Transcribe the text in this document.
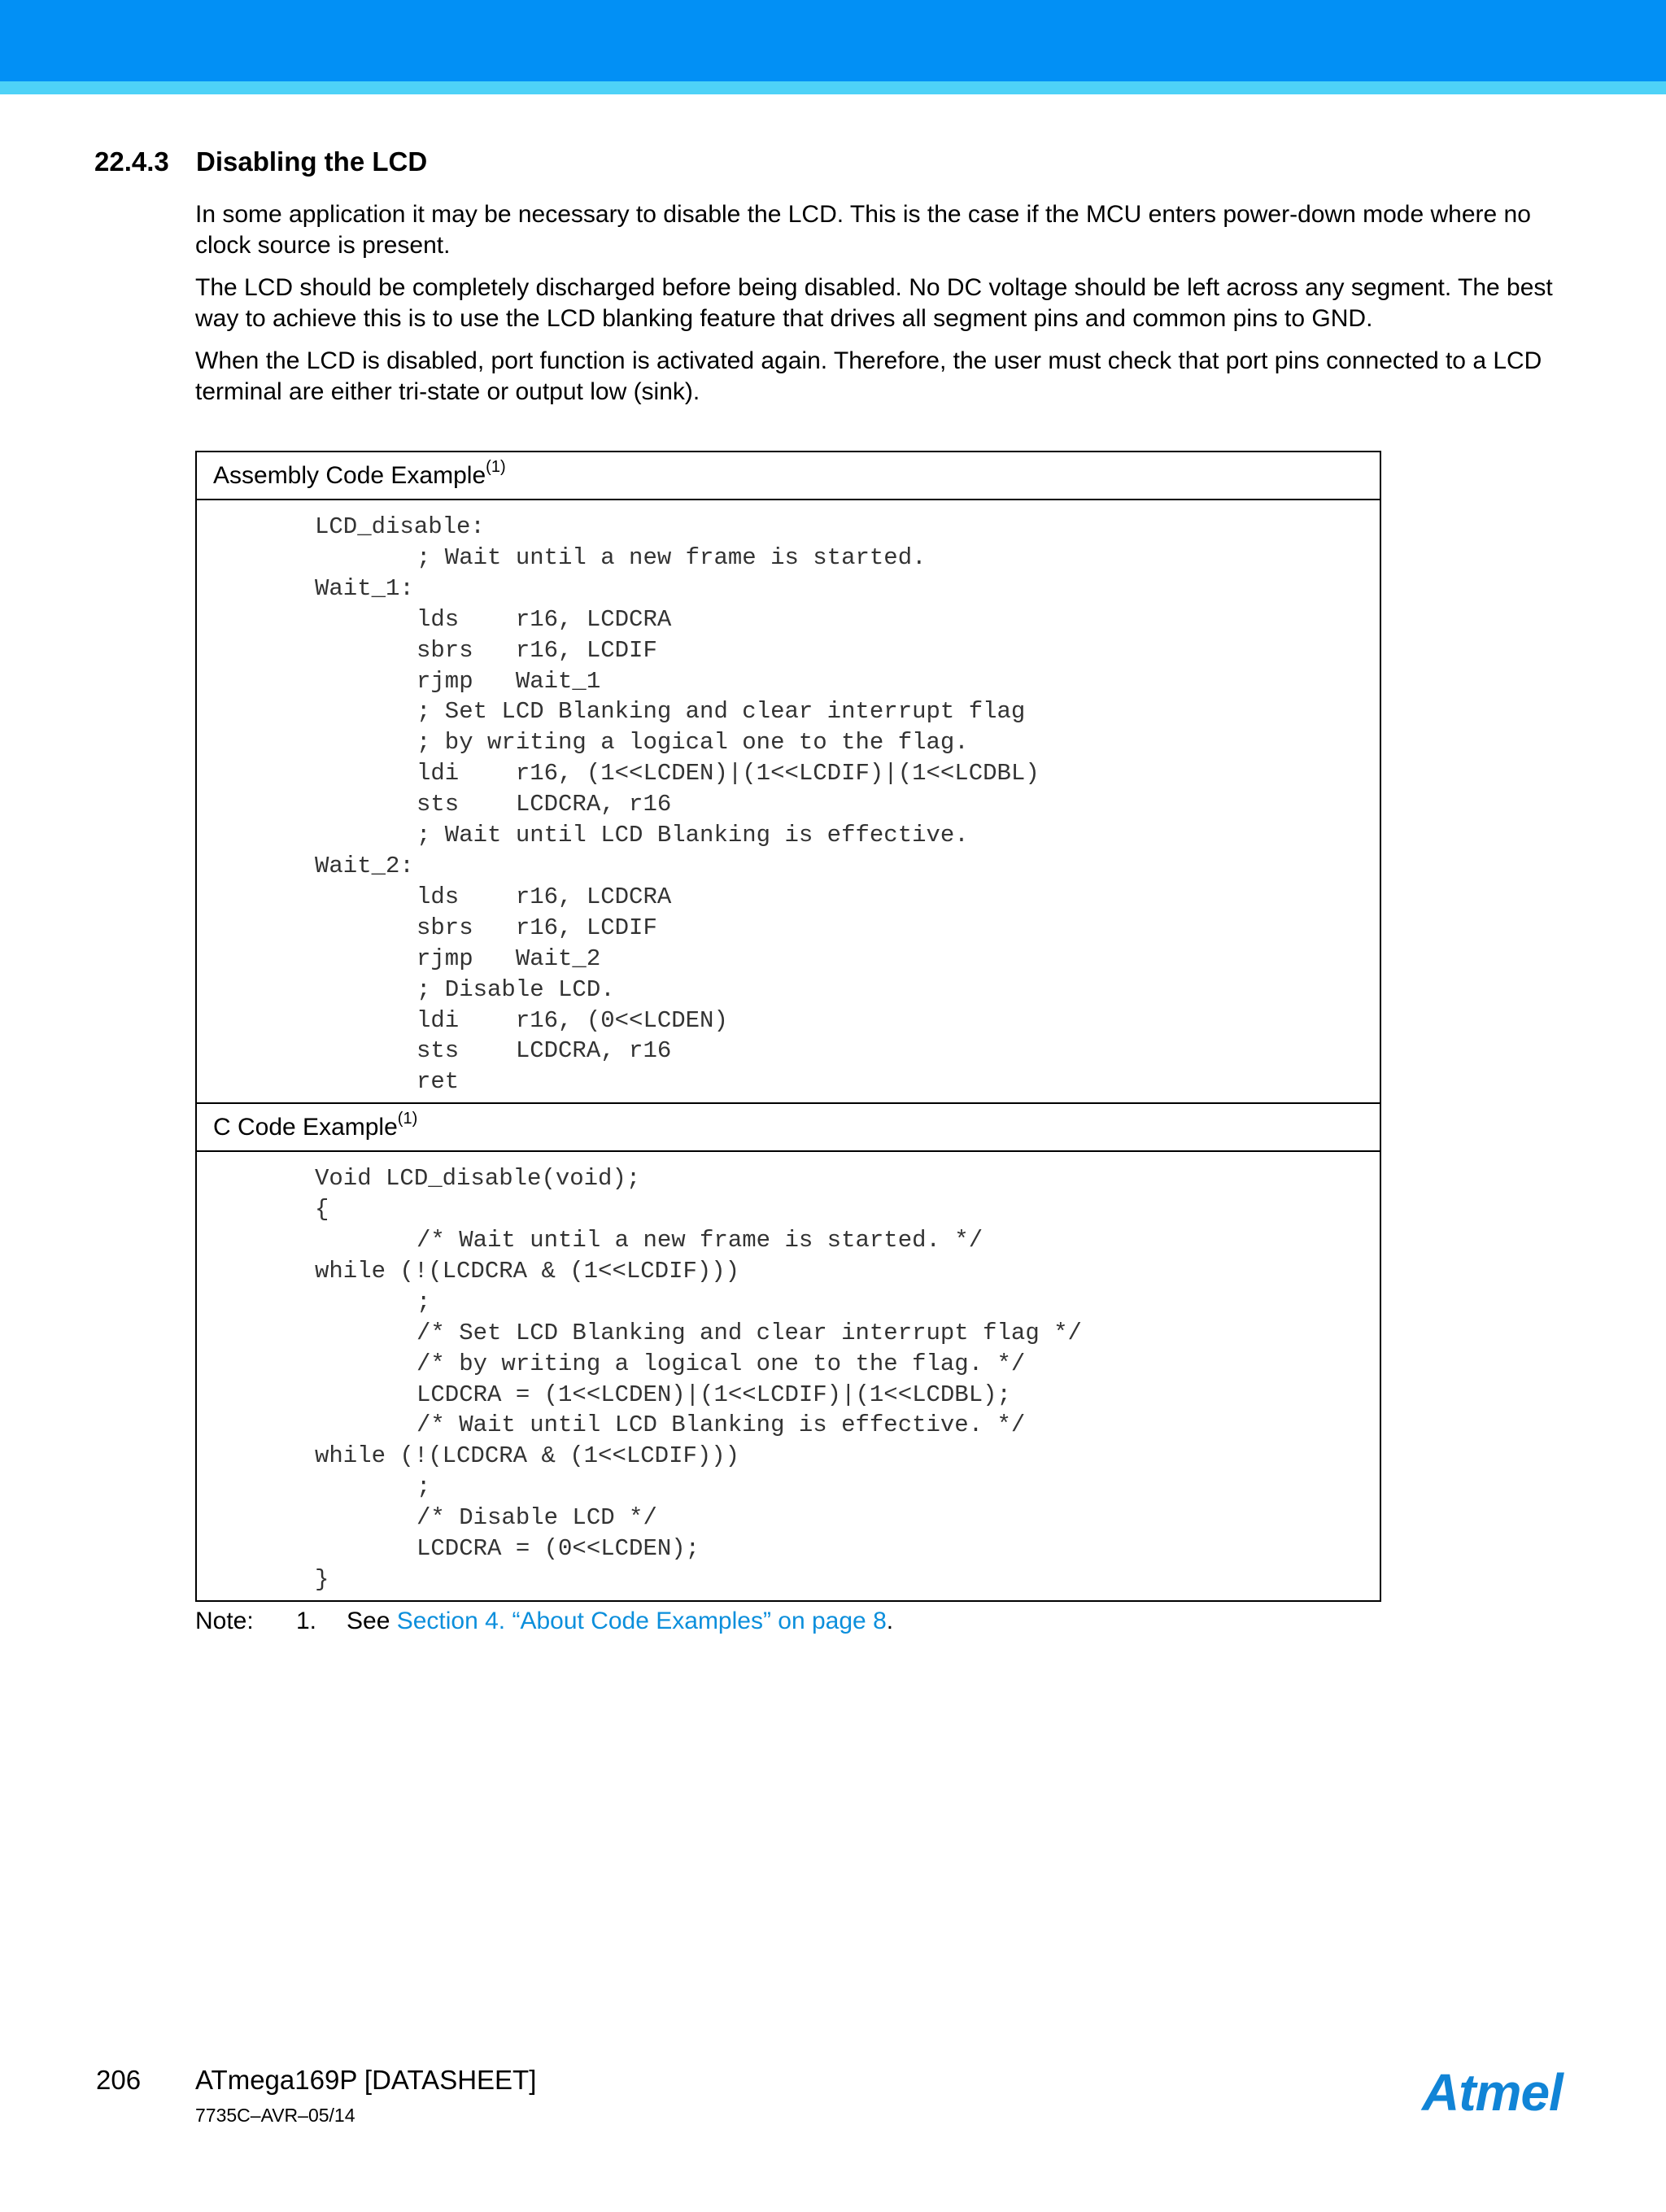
22.4.3 Disabling the LCD

In some application it may be necessary to disable the LCD. This is the case if the MCU enters power-down mode where no clock source is present.

The LCD should be completely discharged before being disabled. No DC voltage should be left across any segment. The best way to achieve this is to use the LCD blanking feature that drives all segment pins and common pins to GND.

When the LCD is disabled, port function is activated again. Therefore, the user must check that port pins connected to a LCD terminal are either tri-state or output low (sink).

Assembly Code Example$^{(1)}$

LCD_disable:
; Wait until a new frame is started.
Wait_1:
lds    r16, LCDCRA
sbrs   r16, LCDIF
rjmp   Wait_1
; Set LCD Blanking and clear interrupt flag
; by writing a logical one to the flag.
ldi    r16, (1<<LCDEN)|(1<<LCDIF)|(1<<LCDBL)
sts    LCDCRA, r16
; Wait until LCD Blanking is effective.
Wait_2:
lds    r16, LCDCRA
sbrs   r16, LCDIF
rjmp   Wait_2
; Disable LCD.
ldi    r16, (0<<LCDEN)
sts    LCDCRA, r16
ret

C Code Example$^{(1)}$

Void LCD_disable(void);
{
/* Wait until a new frame is started. */
while (!(LCDCRA & (1<<LCDIF)))
;
/* Set LCD Blanking and clear interrupt flag */
/* by writing a logical one to the flag. */
LCDCRA = (1<<LCDEN)|(1<<LCDIF)|(1<<LCDBL);
/* Wait until LCD Blanking is effective. */
while (!(LCDCRA & (1<<LCDIF)))
;
/* Disable LCD */
LCDCRA = (0<<LCDEN);
}
Note: 1. See Section 4. “About Code Examples” on page 8.
206 ATmega169P [DATASHEET]
7735C–AVR–05/14	Atmel
